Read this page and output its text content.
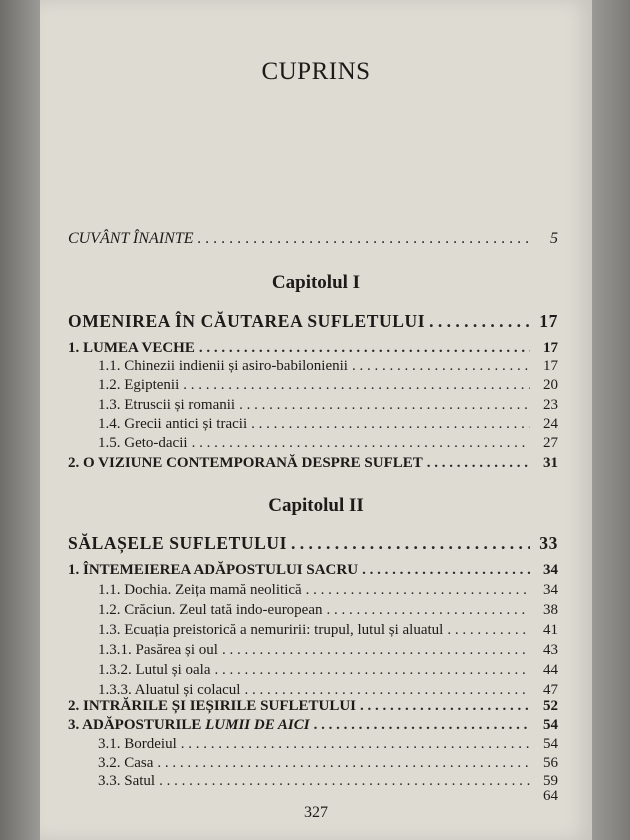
CUPRINS
CUVÂNT ÎNAINTE . . .	5
Capitolul I
OMENIREA ÎN CĂUTAREA SUFLETULUI . . .	17
1. LUMEA VECHE . . .	17
1.1. Chinezii indienii și asiro-babilonienii . . .	17
1.2. Egiptenii . . .	20
1.3. Etruscii și romanii . . .	23
1.4. Grecii antici și tracii . . .	24
1.5. Geto-dacii . . .	27
2. O VIZIUNE CONTEMPORANĂ DESPRE SUFLET . . .	31
Capitolul II
SĂLAȘELE SUFLETULUI . . .	33
1. ÎNTEMEIEREA ADĂPOSTULUI SACRU . . .	34
1.1. Dochia. Zeița mamă neolitică . . .	34
1.2. Crăciun. Zeul tată indo-european . . .	38
1.3. Ecuația preistorică a nemuririi: trupul, lutul și aluatul . . .	41
1.3.1. Pasărea și oul . . .	43
1.3.2. Lutul și oala . . .	44
1.3.3. Aluatul și colacul . . .	47
2. INTRĂRILE ȘI IEȘIRILE SUFLETULUI . . .	52
3. ADĂPOSTURILE LUMII DE AICI . . .	54
3.1. Bordeiul . . .	54
3.2. Casa . . .	56
3.3. Satul . . .	59
64
327
